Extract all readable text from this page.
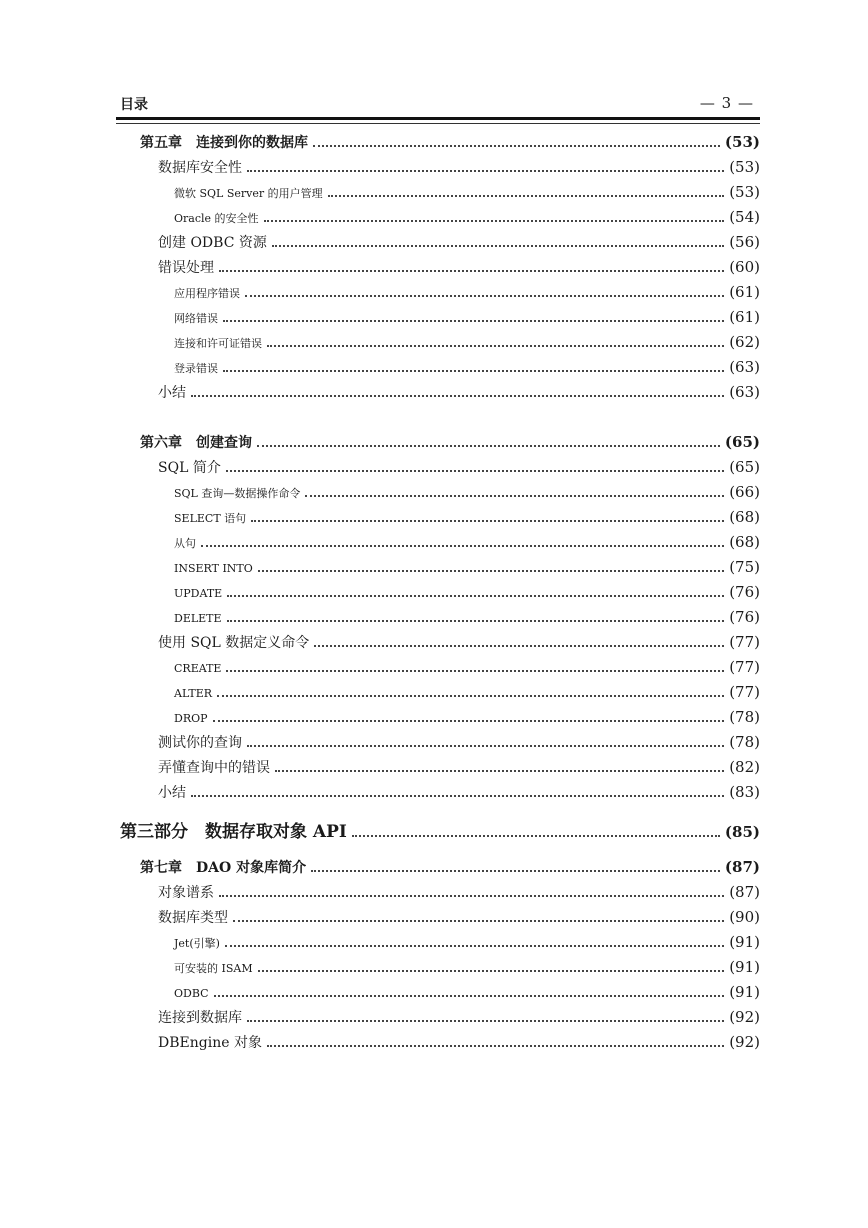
目录	— 3 —
第五章　连接到你的数据库	(53)
数据库安全性	(53)
微软 SQL Server 的用户管理	(53)
Oracle 的安全性	(54)
创建 ODBC 资源	(56)
错误处理	(60)
应用程序错误	(61)
网络错误	(61)
连接和许可证错误	(62)
登录错误	(63)
小结	(63)
第六章　创建查询	(65)
SQL 简介	(65)
SQL 查询—数据操作命令	(66)
SELECT 语句	(68)
从句	(68)
INSERT INTO	(75)
UPDATE	(76)
DELETE	(76)
使用 SQL 数据定义命令	(77)
CREATE	(77)
ALTER	(77)
DROP	(78)
测试你的查询	(78)
弄懂查询中的错误	(82)
小结	(83)
第三部分　数据存取对象 API	(85)
第七章　DAO 对象库简介	(87)
对象谱系	(87)
数据库类型	(90)
Jet(引擎)	(91)
可安装的 ISAM	(91)
ODBC	(91)
连接到数据库	(92)
DBEngine 对象	(92)
